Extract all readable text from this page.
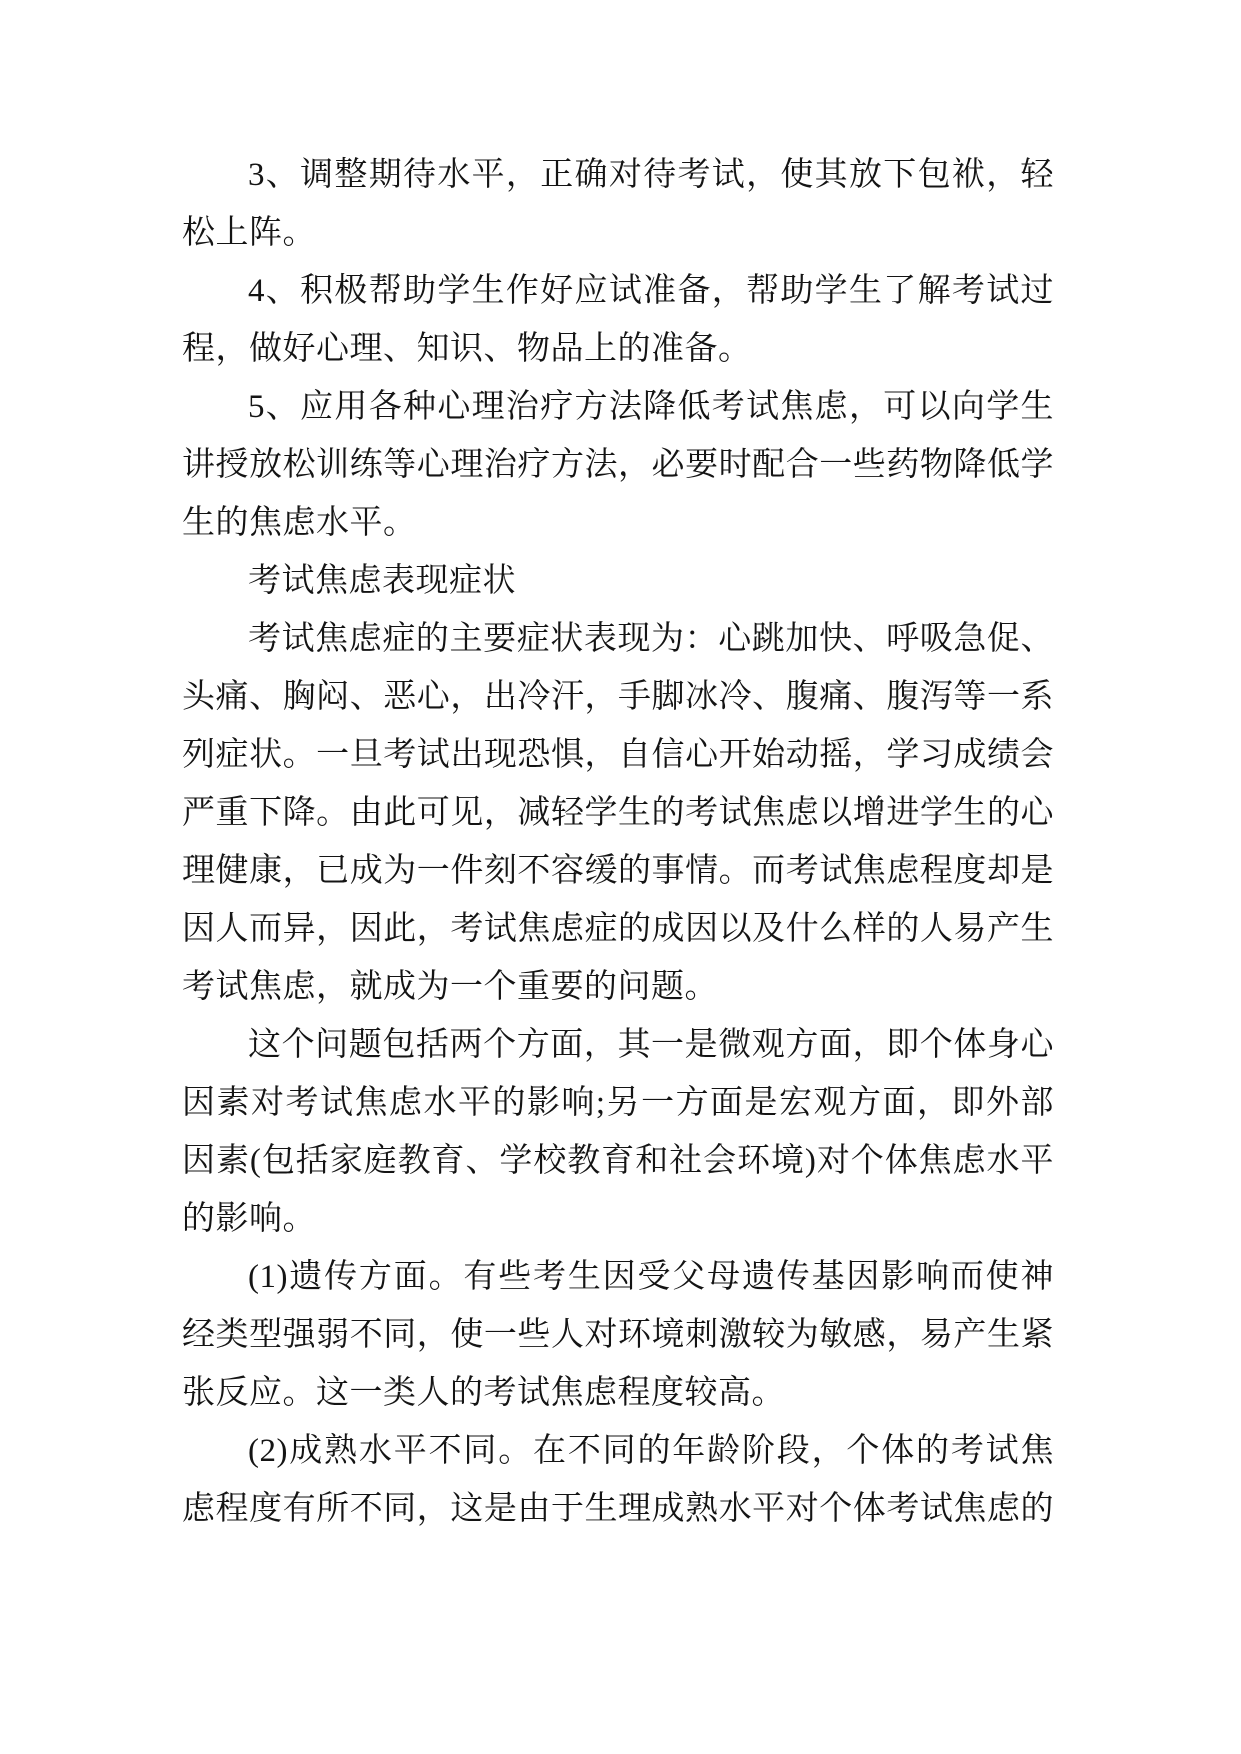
3、调整期待水平，正确对待考试，使其放下包袱，轻
松上阵。
4、积极帮助学生作好应试准备，帮助学生了解考试过
程，做好心理、知识、物品上的准备。
5、应用各种心理治疗方法降低考试焦虑，可以向学生
讲授放松训练等心理治疗方法，必要时配合一些药物降低学
生的焦虑水平。
考试焦虑表现症状
考试焦虑症的主要症状表现为：心跳加快、呼吸急促、
头痛、胸闷、恶心，出冷汗，手脚冰冷、腹痛、腹泻等一系
列症状。一旦考试出现恐惧，自信心开始动摇，学习成绩会
严重下降。由此可见，减轻学生的考试焦虑以增进学生的心
理健康，已成为一件刻不容缓的事情。而考试焦虑程度却是
因人而异，因此，考试焦虑症的成因以及什么样的人易产生
考试焦虑，就成为一个重要的问题。
这个问题包括两个方面，其一是微观方面，即个体身心
因素对考试焦虑水平的影响;另一方面是宏观方面，即外部
因素(包括家庭教育、学校教育和社会环境)对个体焦虑水平
的影响。
(1)遗传方面。有些考生因受父母遗传基因影响而使神
经类型强弱不同，使一些人对环境刺激较为敏感，易产生紧
张反应。这一类人的考试焦虑程度较高。
(2)成熟水平不同。在不同的年龄阶段，个体的考试焦
虑程度有所不同，这是由于生理成熟水平对个体考试焦虑的
